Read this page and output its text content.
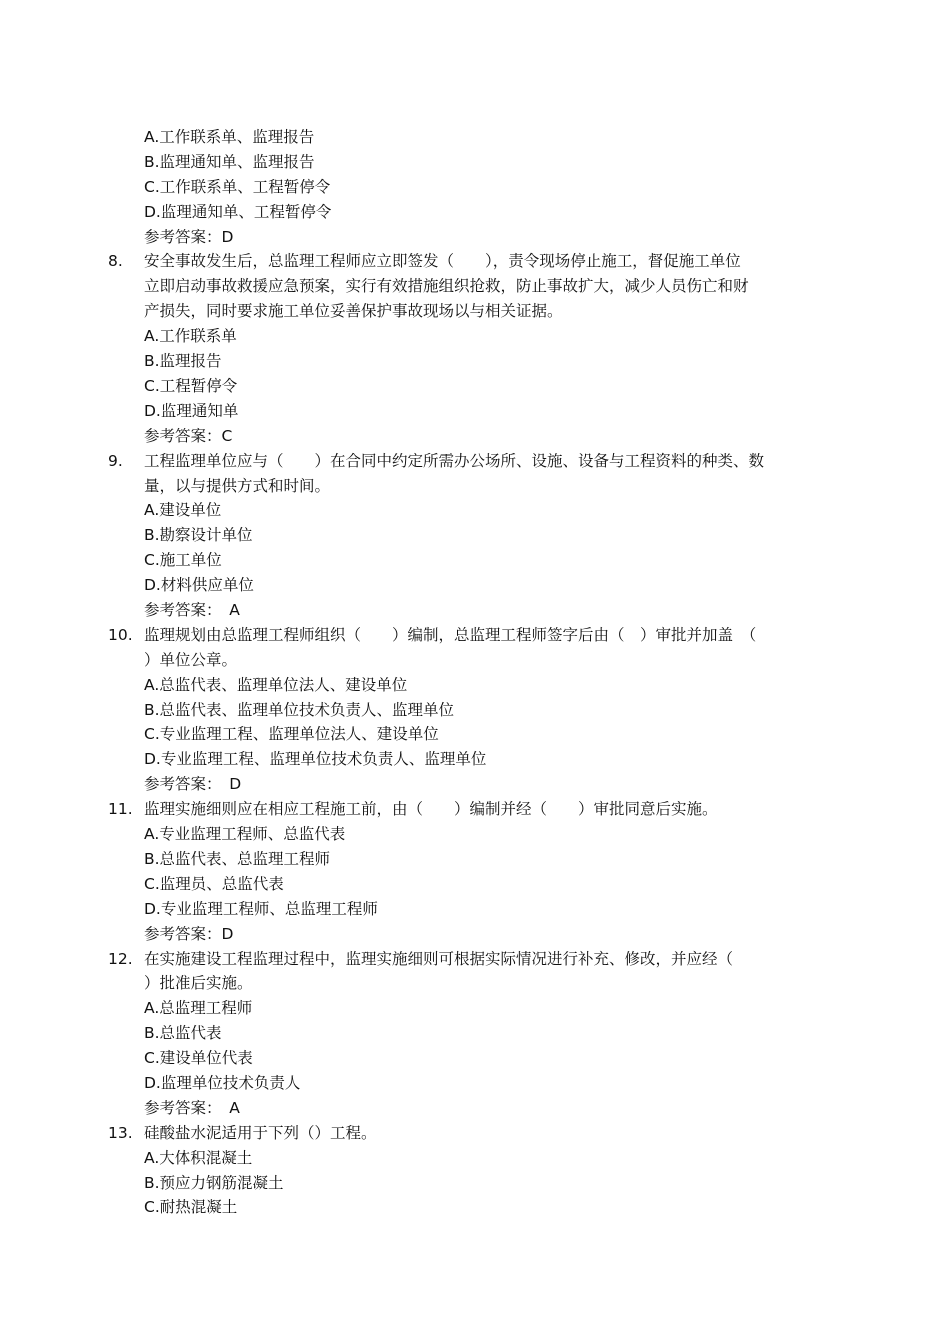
A.工作联系单、监理报告
B.监理通知单、监理报告
C.工作联系单、工程暂停令
D.监理通知单、工程暂停令
参考答案：D
8.	安全事故发生后，总监理工程师应立即签发（　　），责令现场停止施工，督促施工单位
立即启动事故救援应急预案，实行有效措施组织抢救，防止事故扩大，减少人员伤亡和财
产损失，同时要求施工单位妥善保护事故现场以与相关证据。
A.工作联系单
B.监理报告
C.工程暂停令
D.监理通知单
参考答案：C
9.	工程监理单位应与（　　）在合同中约定所需办公场所、设施、设备与工程资料的种类、数
量，以与提供方式和时间。
A.建设单位
B.勘察设计单位
C.施工单位
D.材料供应单位
参考答案：　A
10. 监理规划由总监理工程师组织（　　）编制，总监理工程师签字后由（　）审批并加盖　（
）单位公章。
A.总监代表、监理单位法人、建设单位
B.总监代表、监理单位技术负责人、监理单位
C.专业监理工程、监理单位法人、建设单位
D.专业监理工程、监理单位技术负责人、监理单位
参考答案：　D
11. 监理实施细则应在相应工程施工前，由（　　）编制并经（　　）审批同意后实施。
A.专业监理工程师、总监代表
B.总监代表、总监理工程师
C.监理员、总监代表
D.专业监理工程师、总监理工程师
参考答案：D
12. 在实施建设工程监理过程中，监理实施细则可根据实际情况进行补充、修改，并应经（
）批准后实施。
A.总监理工程师
B.总监代表
C.建设单位代表
D.监理单位技术负责人
参考答案：　A
13. 硅酸盐水泥适用于下列（）工程。
A.大体积混凝土
B.预应力钢筋混凝土
C.耐热混凝土
